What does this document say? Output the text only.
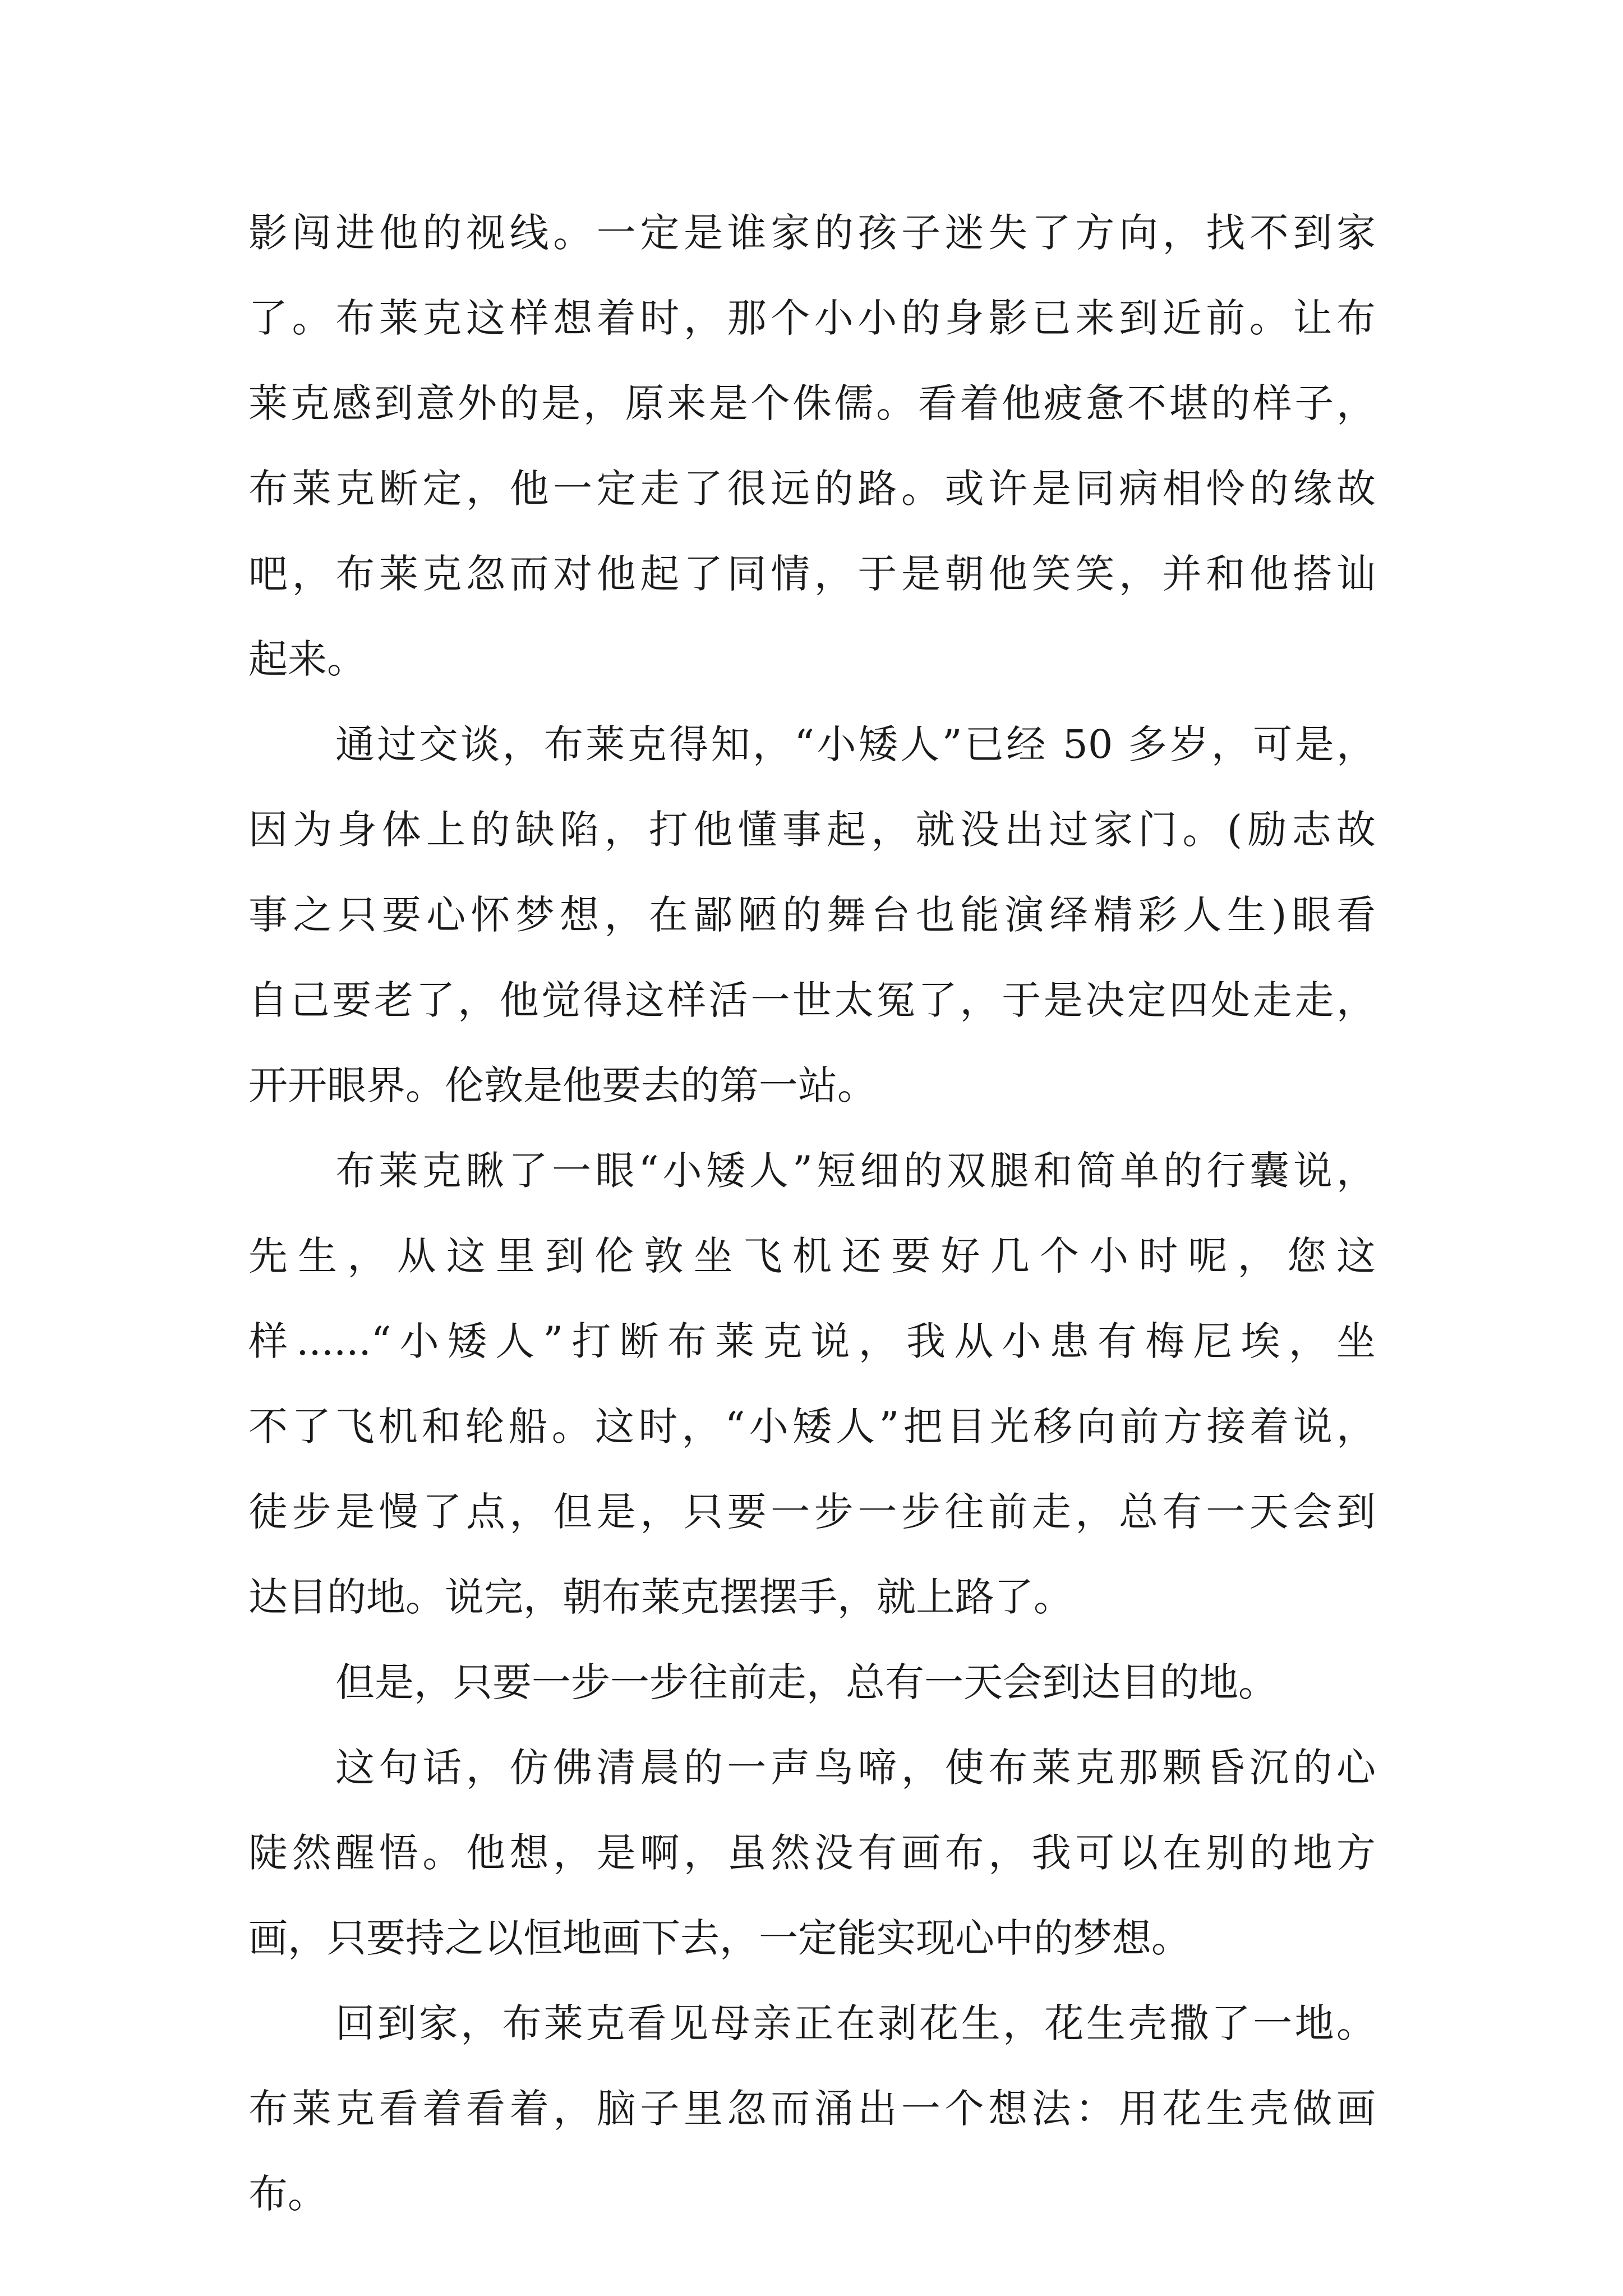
影闯进他的视线。一定是谁家的孩子迷失了方向，找不到家
了。布莱克这样想着时，那个小小的身影已来到近前。让布
莱克感到意外的是，原来是个侏儒。看着他疲惫不堪的样子，
布莱克断定，他一定走了很远的路。或许是同病相怜的缘故
吧，布莱克忽而对他起了同情，于是朝他笑笑，并和他搭讪
起来。
通过交谈，布莱克得知，“小矮人”已经 50 多岁，可是，
因为身体上的缺陷，打他懂事起，就没出过家门。(励志故
事之只要心怀梦想，在鄙陋的舞台也能演绎精彩人生)眼看
自己要老了，他觉得这样活一世太冤了，于是决定四处走走，
开开眼界。伦敦是他要去的第一站。
布莱克瞅了一眼“小矮人”短细的双腿和简单的行囊说，
先生，从这里到伦敦坐飞机还要好几个小时呢，您这
样......“小矮人”打断布莱克说，我从小患有梅尼埃，坐
不了飞机和轮船。这时，“小矮人”把目光移向前方接着说，
徒步是慢了点，但是，只要一步一步往前走，总有一天会到
达目的地。说完，朝布莱克摆摆手，就上路了。
但是，只要一步一步往前走，总有一天会到达目的地。
这句话，仿佛清晨的一声鸟啼，使布莱克那颗昏沉的心
陡然醒悟。他想，是啊，虽然没有画布，我可以在别的地方
画，只要持之以恒地画下去，一定能实现心中的梦想。
回到家，布莱克看见母亲正在剥花生，花生壳撒了一地。
布莱克看着看着，脑子里忽而涌出一个想法：用花生壳做画
布。
